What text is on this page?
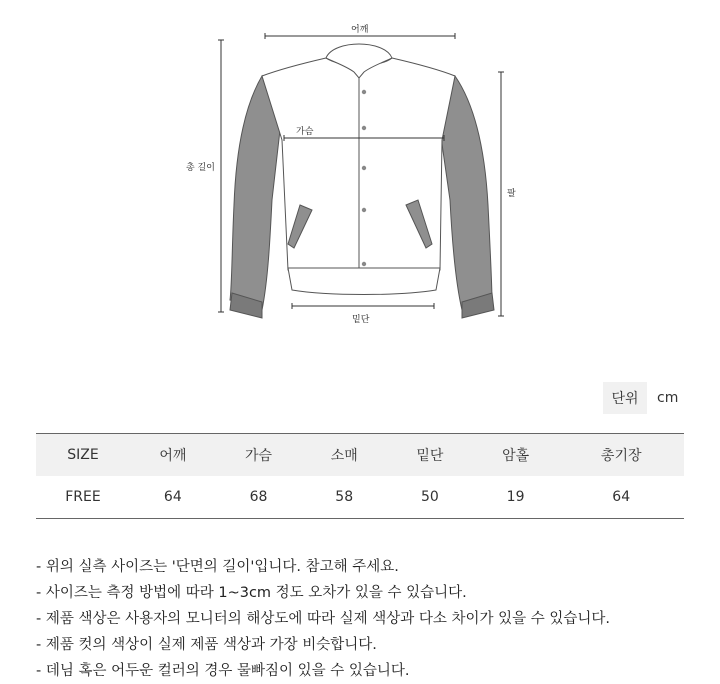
어깨
가슴
총 길이
팔
밑단
단위	cm
SIZE	어깨	가슴	소매	밑단	암홀	총기장
FREE	64	68	58	50	19	64
- 위의 실측 사이즈는 '단면의 길이'입니다. 참고해 주세요.
- 사이즈는 측정 방법에 따라 1~3cm 정도 오차가 있을 수 있습니다.
- 제품 색상은 사용자의 모니터의 해상도에 따라 실제 색상과 다소 차이가 있을 수 있습니다.
- 제품 컷의 색상이 실제 제품 색상과 가장 비슷합니다.
- 데님 혹은 어두운 컬러의 경우 물빠짐이 있을 수 있습니다.
